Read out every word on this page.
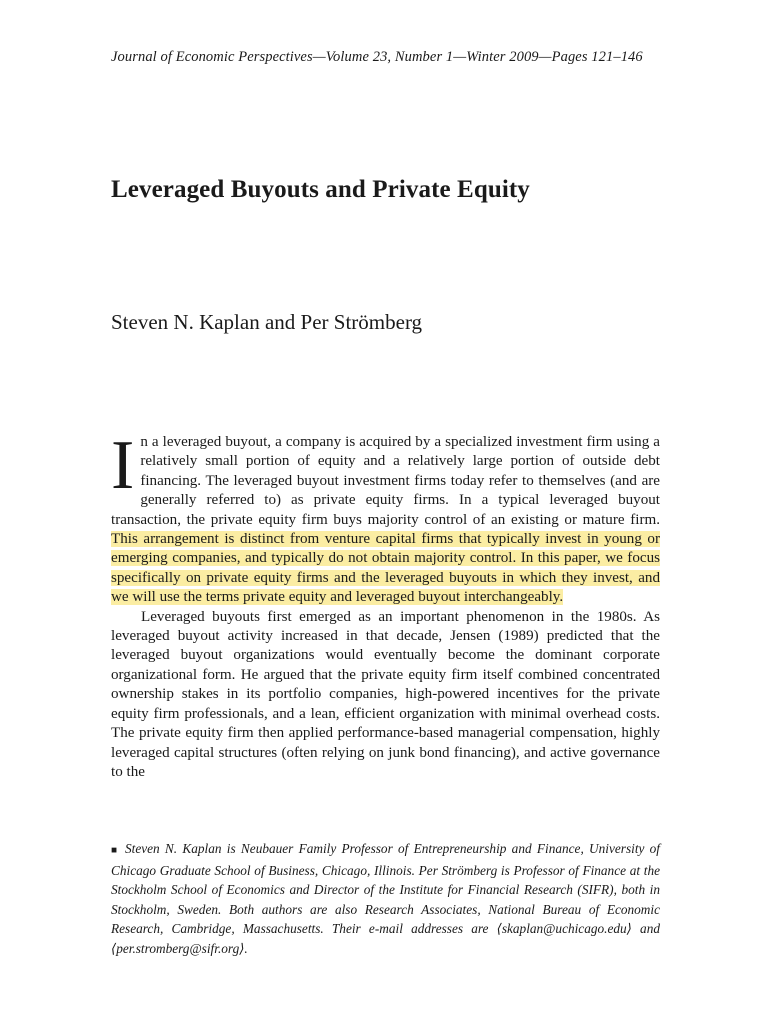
Journal of Economic Perspectives—Volume 23, Number 1—Winter 2009—Pages 121–146
Leveraged Buyouts and Private Equity
Steven N. Kaplan and Per Strömberg

In a leveraged buyout, a company is acquired by a specialized investment firm using a relatively small portion of equity and a relatively large portion of outside debt financing. The leveraged buyout investment firms today refer to themselves (and are generally referred to) as private equity firms. In a typical leveraged buyout transaction, the private equity firm buys majority control of an existing or mature firm. This arrangement is distinct from venture capital firms that typically invest in young or emerging companies, and typically do not obtain majority control. In this paper, we focus specifically on private equity firms and the leveraged buyouts in which they invest, and we will use the terms private equity and leveraged buyout interchangeably.

Leveraged buyouts first emerged as an important phenomenon in the 1980s. As leveraged buyout activity increased in that decade, Jensen (1989) predicted that the leveraged buyout organizations would eventually become the dominant corporate organizational form. He argued that the private equity firm itself combined concentrated ownership stakes in its portfolio companies, high-powered incentives for the private equity firm professionals, and a lean, efficient organization with minimal overhead costs. The private equity firm then applied performance-based managerial compensation, highly leveraged capital structures (often relying on junk bond financing), and active governance to the

■ Steven N. Kaplan is Neubauer Family Professor of Entrepreneurship and Finance, University of Chicago Graduate School of Business, Chicago, Illinois. Per Strömberg is Professor of Finance at the Stockholm School of Economics and Director of the Institute for Financial Research (SIFR), both in Stockholm, Sweden. Both authors are also Research Associates, National Bureau of Economic Research, Cambridge, Massachusetts. Their e-mail addresses are ⟨skaplan@uchicago.edu⟩ and ⟨per.stromberg@sifr.org⟩.
